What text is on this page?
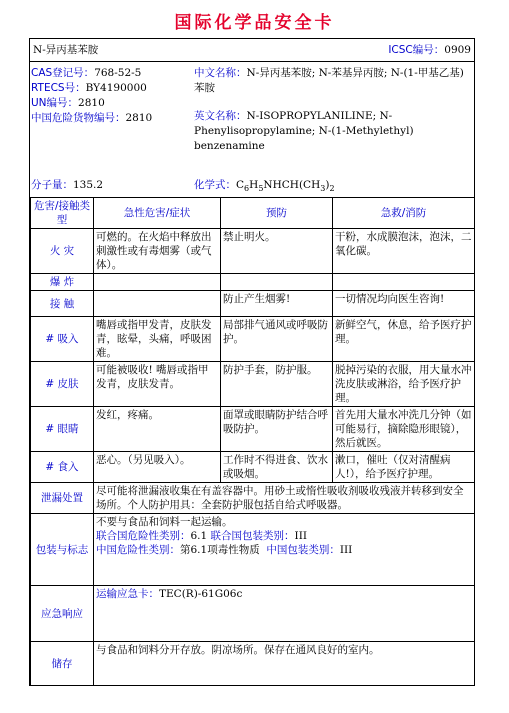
国际化学品安全卡
N-异丙基苯胺	ICSC编号：0909
CAS登记号：768-52-5
RTECS号：BY4190000
UN编号：2810
中国危险货物编号：2810
中文名称：N-异丙基苯胺; N-苯基异丙胺; N-(1-甲基乙基)苯胺
英文名称：N-ISOPROPYLANILINE; N-Phenylisopropylamine; N-(1-Methylethyl) benzenamine
分子量：135.2	化学式：$C_6H_5NHCH(CH_3)_2$
危害/接触类型	急性危害/症状	预防	急救/消防
火 灾	可燃的。在火焰中释放出刺激性或有毒烟雾（或气体）。	禁止明火。	干粉，水成膜泡沫，泡沫，二氧化碳。
爆 炸			
接 触		防止产生烟雾!	一切情况均向医生咨询!
# 吸入	嘴唇或指甲发青，皮肤发青，眩晕，头痛，呼吸困难。	局部排气通风或呼吸防护。	新鲜空气，休息，给予医疗护理。
# 皮肤	可能被吸收! 嘴唇或指甲发青，皮肤发青。	防护手套，防护服。	脱掉污染的衣服，用大量水冲洗皮肤或淋浴，给予医疗护理。
# 眼睛	发红，疼痛。	面罩或眼睛防护结合呼吸防护。	首先用大量水冲洗几分钟（如可能易行，摘除隐形眼镜），然后就医。
# 食入	恶心。（另见吸入）。	工作时不得进食、饮水或吸烟。	漱口，催吐（仅对清醒病人!），给予医疗护理。
泄漏处置	尽可能将泄漏液收集在有盖容器中。用砂土或惰性吸收剂吸收残液并转移到安全场所。个人防护用具：全套防护服包括自给式呼吸器。		
包装与标志	不要与食品和饲料一起运输。
联合国危险性类别：6.1 联合国包装类别：III
中国危险性类别：第6.1项毒性物质 中国包装类别：III		

应急响应	运输应急卡：TEC(R)-61G06c		
储存	与食品和饲料分开存放。阴凉场所。保存在通风良好的室内。		
